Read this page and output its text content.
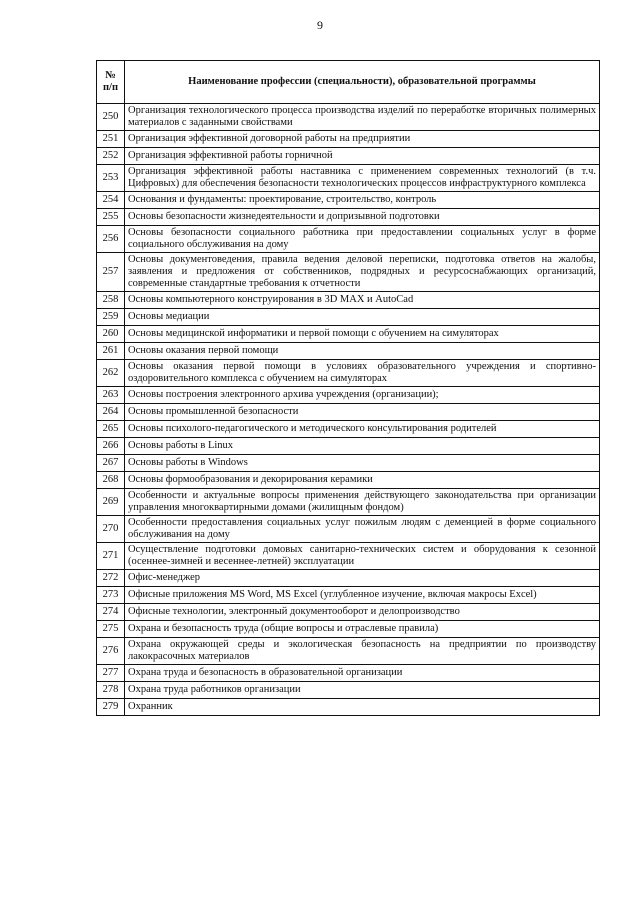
9
№ п/п	Наименование профессии (специальности), образовательной программы
250	Организация технологического процесса производства изделий по переработке вторичных полимерных материалов с заданными свойствами
251	Организация эффективной договорной работы на предприятии
252	Организация эффективной работы горничной
253	Организация эффективной работы наставника с применением современных технологий (в т.ч. Цифровых) для обеспечения безопасности технологических процессов инфраструктурного комплекса
254	Основания и фундаменты: проектирование, строительство, контроль
255	Основы безопасности жизнедеятельности и допризывной подготовки
256	Основы безопасности социального работника при предоставлении социальных услуг в форме социального обслуживания на дому
257	Основы документоведения, правила ведения деловой переписки, подготовка ответов на жалобы, заявления и предложения от собственников, подрядных и ресурсоснабжающих организаций, современные стандартные требования к отчетности
258	Основы компьютерного конструирования в 3D MAX и AutoCad
259	Основы медиации
260	Основы медицинской информатики и первой помощи с обучением на симуляторах
261	Основы оказания первой помощи
262	Основы оказания первой помощи в условиях образовательного учреждения и спортивно-оздоровительного комплекса с обучением на симуляторах
263	Основы построения электронного архива учреждения (организации);
264	Основы промышленной безопасности
265	Основы психолого-педагогического и методического консультирования родителей
266	Основы работы в Linux
267	Основы работы в Windows
268	Основы формообразования и декорирования керамики
269	Особенности и актуальные вопросы применения действующего законодательства при организации управления многоквартирными домами (жилищным фондом)
270	Особенности предоставления социальных услуг пожилым людям с деменцией в форме социального обслуживания на дому
271	Осуществление подготовки домовых санитарно-технических систем и оборудования к сезонной (осеннее-зимней и весеннее-летней) эксплуатации
272	Офис-менеджер
273	Офисные приложения MS Word, MS Excel (углубленное изучение, включая макросы Excel)
274	Офисные технологии, электронный документооборот и делопроизводство
275	Охрана и безопасность труда (общие вопросы и отраслевые правила)
276	Охрана окружающей среды и экологическая безопасность на предприятии по производству лакокрасочных материалов
277	Охрана труда и безопасность в образовательной организации
278	Охрана труда работников организации
279	Охранник
